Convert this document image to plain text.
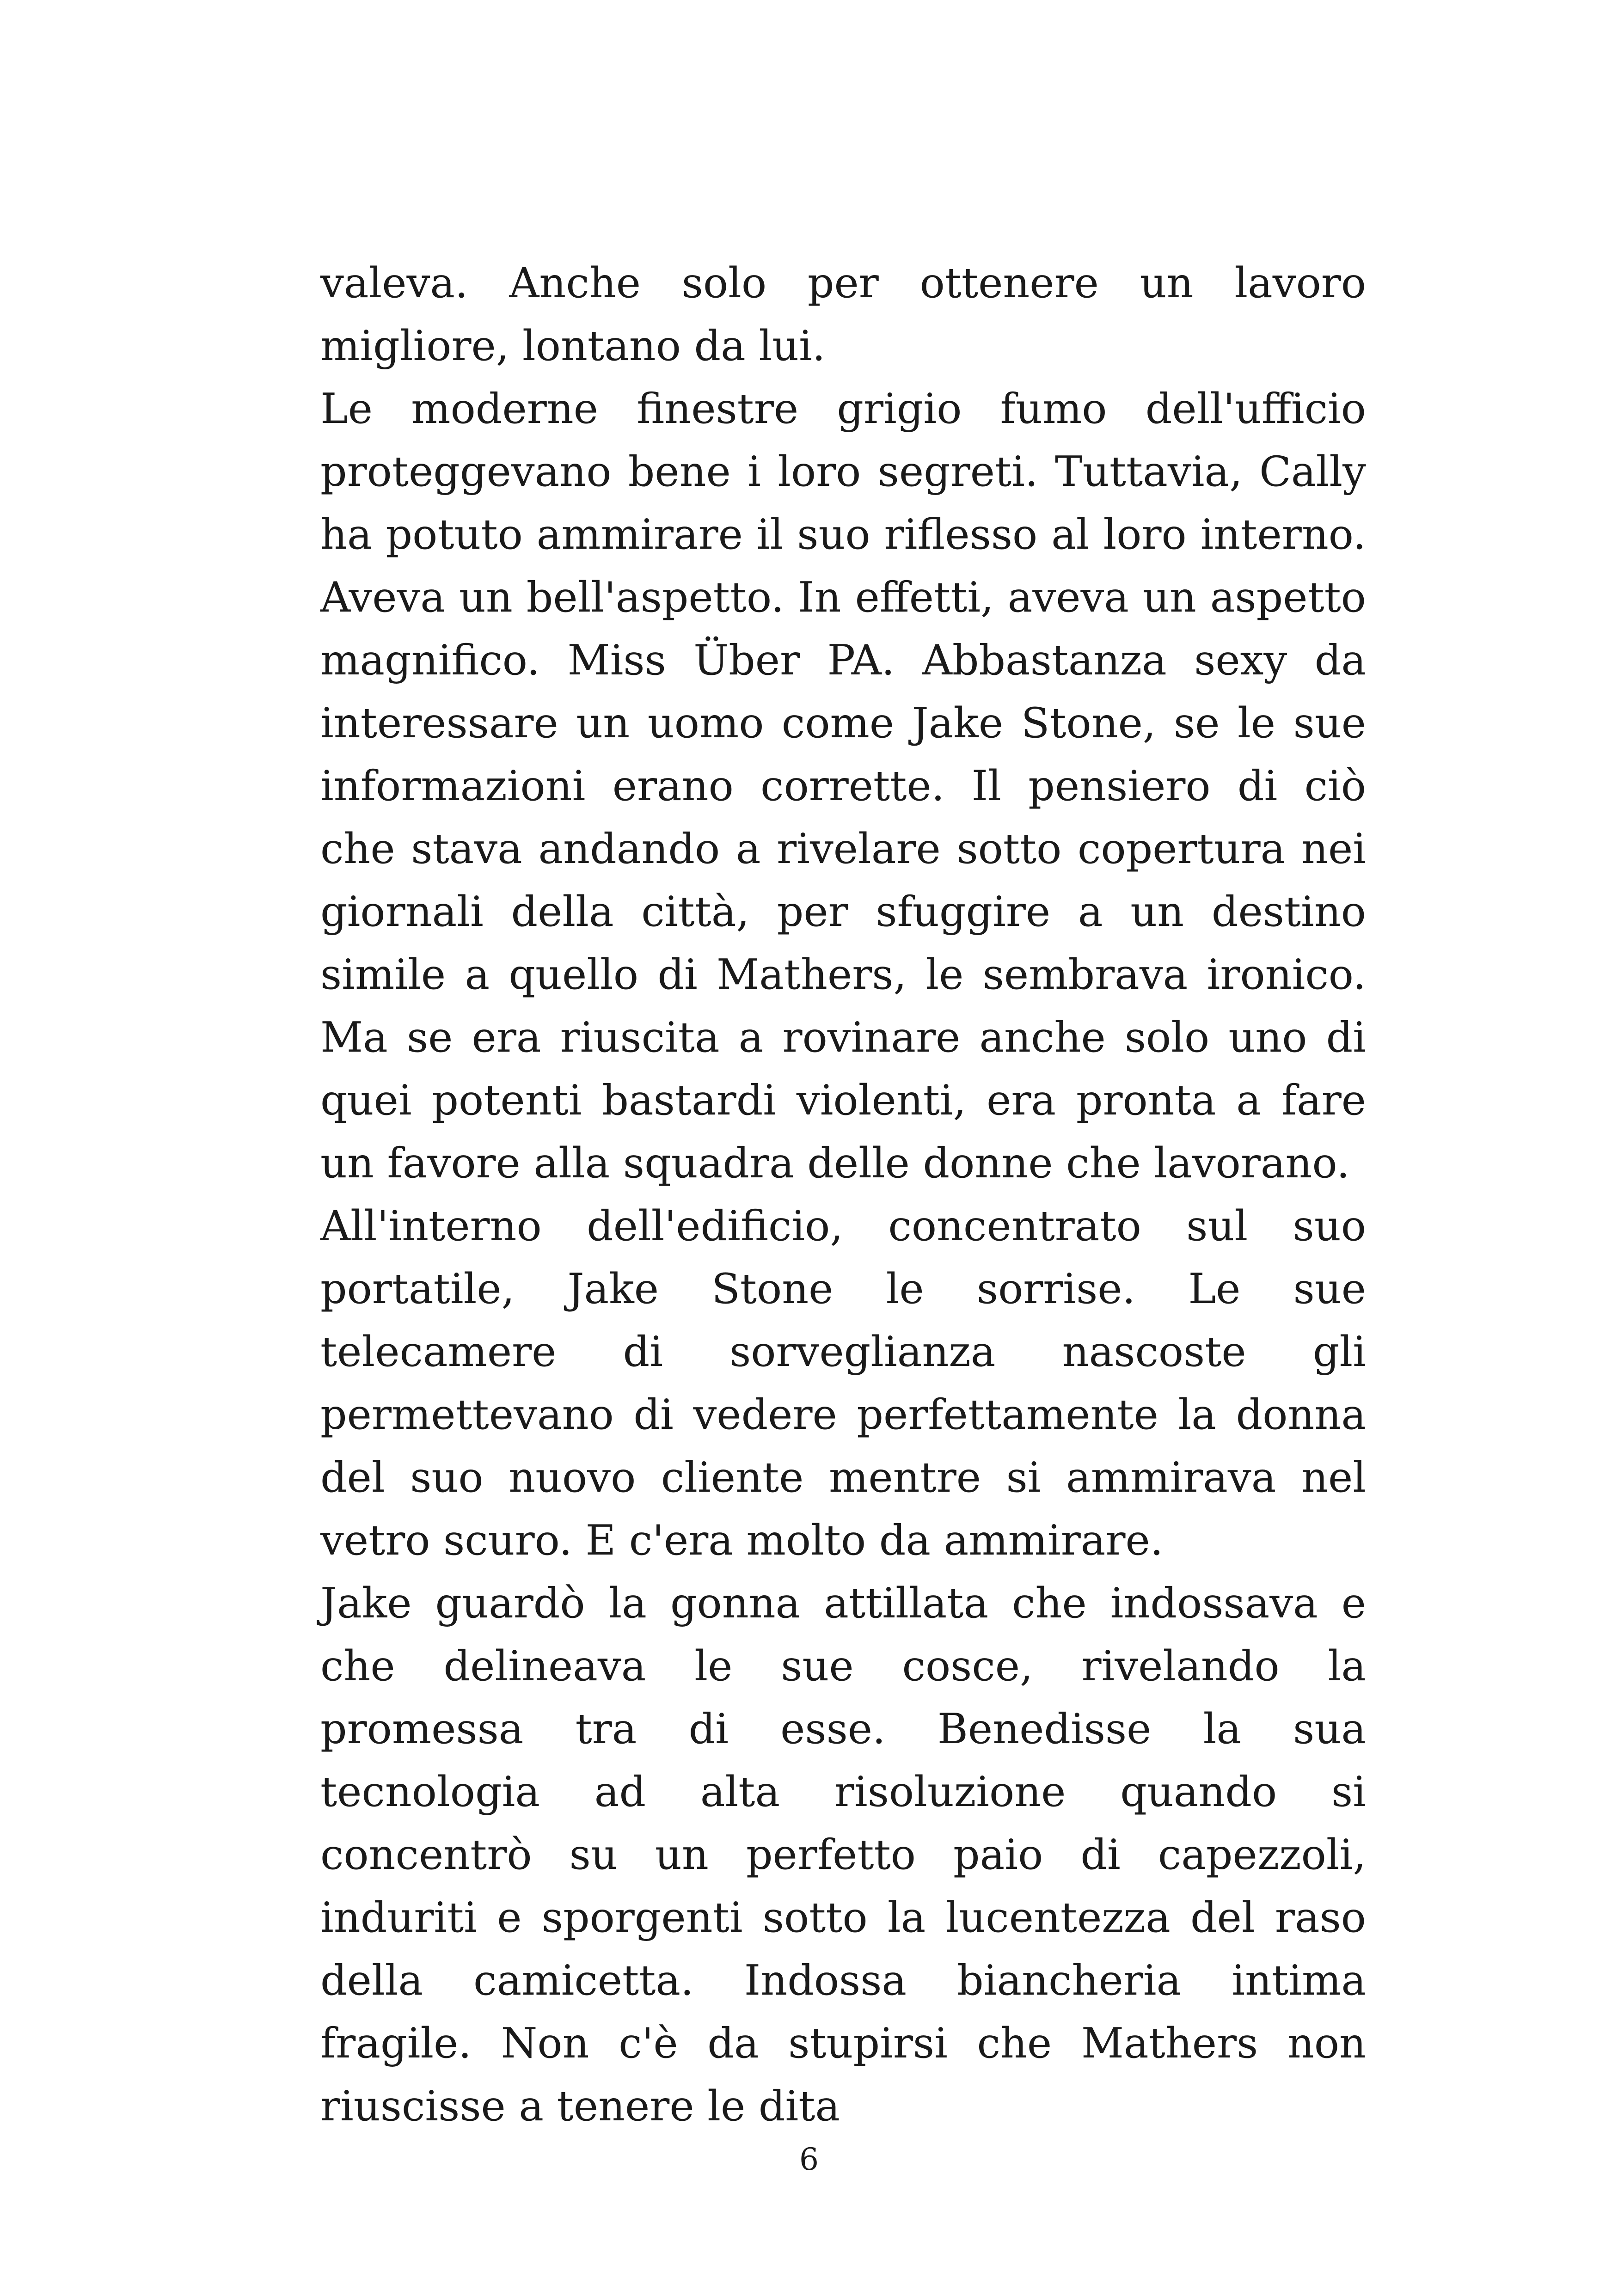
valeva. Anche solo per ottenere un lavoro migliore, lontano da lui.

Le moderne finestre grigio fumo dell'ufficio proteggevano bene i loro segreti. Tuttavia, Cally ha potuto ammirare il suo riflesso al loro interno. Aveva un bell'aspetto. In effetti, aveva un aspetto magnifico. Miss Über PA. Abbastanza sexy da interessare un uomo come Jake Stone, se le sue informazioni erano corrette. Il pensiero di ciò che stava andando a rivelare sotto copertura nei giornali della città, per sfuggire a un destino simile a quello di Mathers, le sembrava ironico. Ma se era riuscita a rovinare anche solo uno di quei potenti bastardi violenti, era pronta a fare un favore alla squadra delle donne che lavorano.

All'interno dell'edificio, concentrato sul suo portatile, Jake Stone le sorrise. Le sue telecamere di sorveglianza nascoste gli permettevano di vedere perfettamente la donna del suo nuovo cliente mentre si ammirava nel vetro scuro. E c'era molto da ammirare.

Jake guardò la gonna attillata che indossava e che delineava le sue cosce, rivelando la promessa tra di esse. Benedisse la sua tecnologia ad alta risoluzione quando si concentrò su un perfetto paio di capezzoli, induriti e sporgenti sotto la lucentezza del raso della camicetta. Indossa biancheria intima fragile. Non c'è da stupirsi che Mathers non riuscisse a tenere le dita

6
